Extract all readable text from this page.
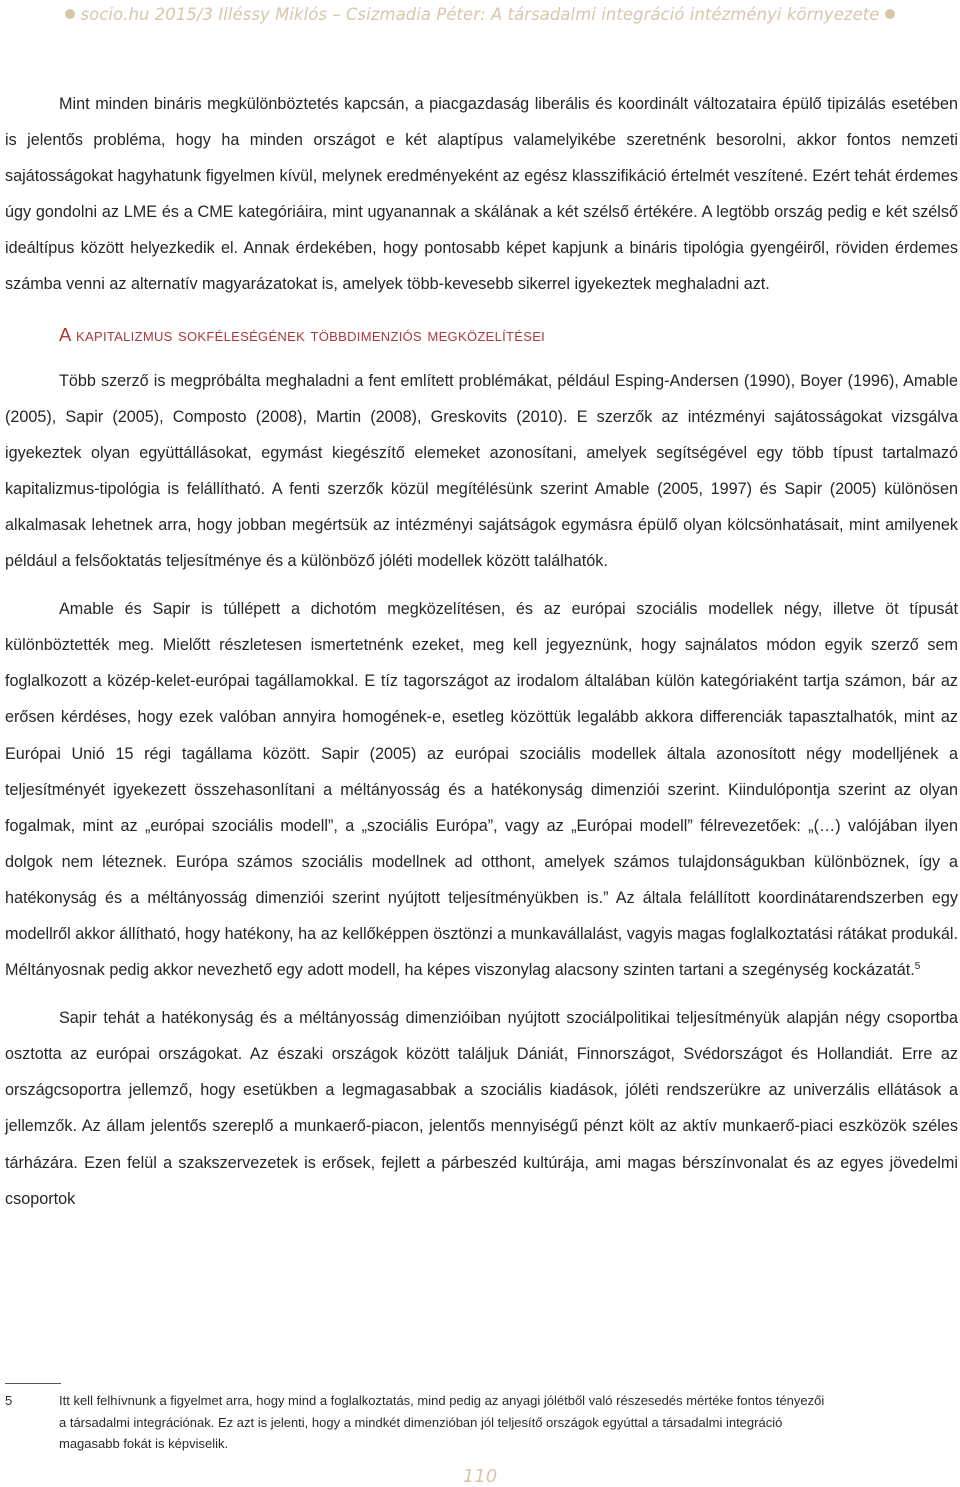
socio.hu 2015/3 Illéssy Miklós – Csizmadia Péter: A társadalmi integráció intézményi környezete

Mint minden bináris megkülönböztetés kapcsán, a piacgazdaság liberális és koordinált változataira épülő tipizálás esetében is jelentős probléma, hogy ha minden országot e két alaptípus valamelyikébe szeretnénk besorolni, akkor fontos nemzeti sajátosságokat hagyhatunk figyelmen kívül, melynek eredményeként az egész klasszifikáció értelmét veszítené. Ezért tehát érdemes úgy gondolni az LME és a CME kategóriáira, mint ugyanannak a skálának a két szélső értékére. A legtöbb ország pedig e két szélső ideáltípus között helyezkedik el. Annak érdekében, hogy pontosabb képet kapjunk a bináris tipológia gyengéiről, röviden érdemes számba venni az alternatív magyarázatokat is, amelyek több-kevesebb sikerrel igyekeztek meghaladni azt.

A kapitalizmus sokféleségének többdimenziós megközelítései

Több szerző is megpróbálta meghaladni a fent említett problémákat, például Esping-Andersen (1990), Boyer (1996), Amable (2005), Sapir (2005), Composto (2008), Martin (2008), Greskovits (2010). E szerzők az intézményi sajátosságokat vizsgálva igyekeztek olyan együttállásokat, egymást kiegészítő elemeket azonosítani, amelyek segítségével egy több típust tartalmazó kapitalizmus-tipológia is felállítható. A fenti szerzők közül megítélésünk szerint Amable (2005, 1997) és Sapir (2005) különösen alkalmasak lehetnek arra, hogy jobban megértsük az intézményi sajátságok egymásra épülő olyan kölcsönhatásait, mint amilyenek például a felsőoktatás teljesítménye és a különböző jóléti modellek között találhatók.

Amable és Sapir is túllépett a dichotóm megközelítésen, és az európai szociális modellek négy, illetve öt típusát különböztették meg. Mielőtt részletesen ismertetnénk ezeket, meg kell jegyeznünk, hogy sajnálatos módon egyik szerző sem foglalkozott a közép-kelet-európai tagállamokkal. E tíz tagországot az irodalom általában külön kategóriaként tartja számon, bár az erősen kérdéses, hogy ezek valóban annyira homogének-e, esetleg közöttük legalább akkora differenciák tapasztalhatók, mint az Európai Unió 15 régi tagállama között. Sapir (2005) az európai szociális modellek általa azonosított négy modelljének a teljesítményét igyekezett összehasonlítani a méltányosság és a hatékonyság dimenziói szerint. Kiindulópontja szerint az olyan fogalmak, mint az „európai szociális modell”, a „szociális Európa”, vagy az „Európai modell” félrevezetőek: „(…) valójában ilyen dolgok nem léteznek. Európa számos szociális modellnek ad otthont, amelyek számos tulajdonságukban különböznek, így a hatékonyság és a méltányosság dimenziói szerint nyújtott teljesítményükben is.” Az általa felállított koordinátarendszerben egy modellről akkor állítható, hogy hatékony, ha az kellőképpen ösztönzi a munkavállalást, vagyis magas foglalkoztatási rátákat produkál. Méltányosnak pedig akkor nevezhető egy adott modell, ha képes viszonylag alacsony szinten tartani a szegénység kockázatát.$^5$

Sapir tehát a hatékonyság és a méltányosság dimenzióiban nyújtott szociálpolitikai teljesítményük alapján négy csoportba osztotta az európai országokat. Az északi országok között találjuk Dániát, Finnországot, Svédországot és Hollandiát. Erre az országcsoportra jellemző, hogy esetükben a legmagasabbak a szociális kiadások, jóléti rendszerükre az univerzális ellátások a jellemzők. Az állam jelentős szereplő a munkaerő-piacon, jelentős mennyiségű pénzt költ az aktív munkaerő-piaci eszközök széles tárházára. Ezen felül a szakszervezetek is erősek, fejlett a párbeszéd kultúrája, ami magas bérszínvonalat és az egyes jövedelmi csoportok

5	Itt kell felhívnunk a figyelmet arra, hogy mind a foglalkoztatás, mind pedig az anyagi jólétből való részesedés mértéke fontos tényezői
a társadalmi integrációnak. Ez azt is jelenti, hogy a mindkét dimenzióban jól teljesítő országok egyúttal a társadalmi integráció
magasabb fokát is képviselik.
110
